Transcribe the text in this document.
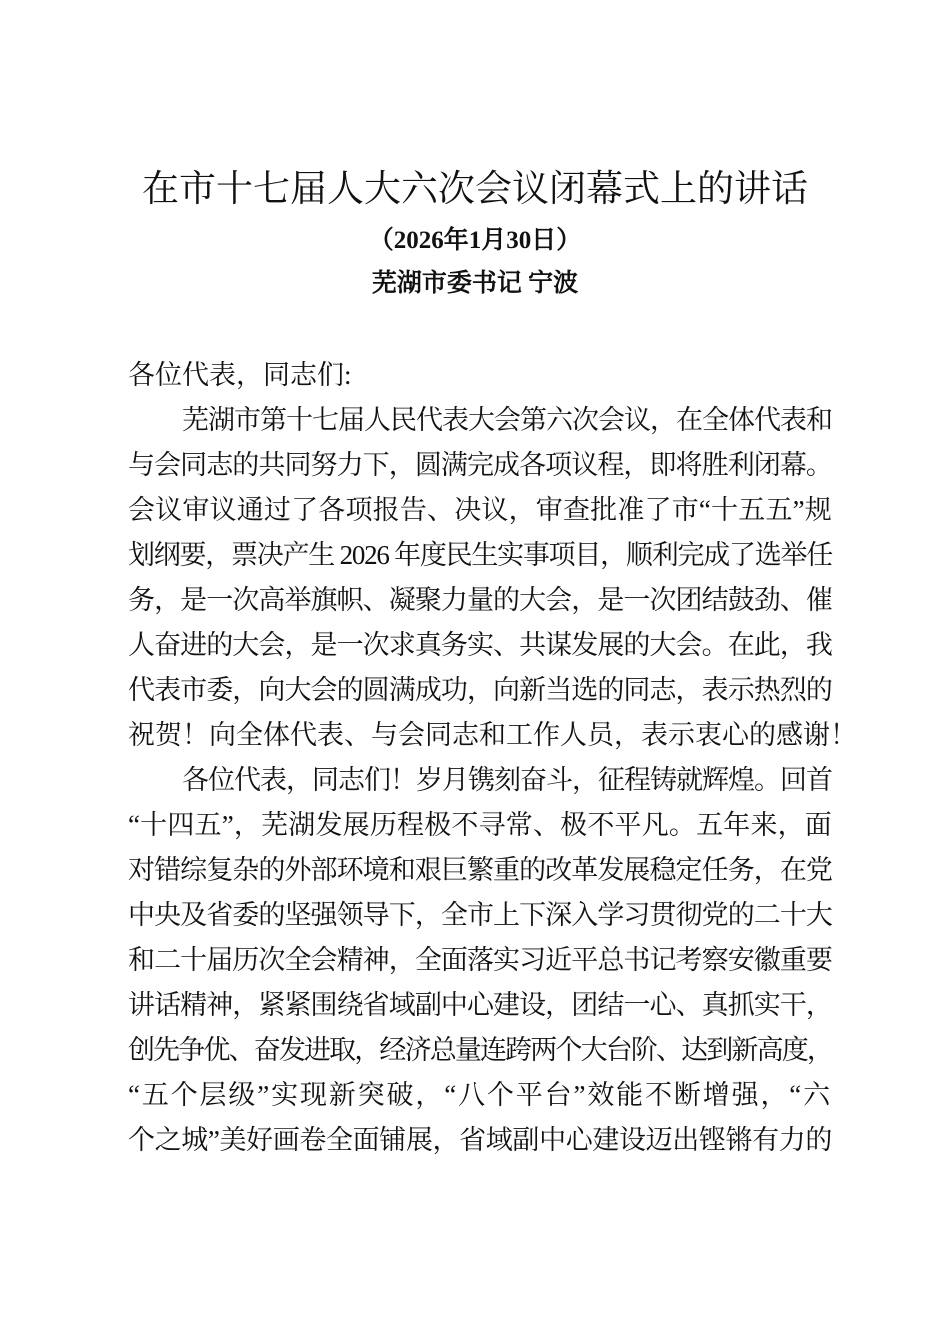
在市十七届人大六次会议闭幕式上的讲话
（2026年1月30日）
芜湖市委书记 宁波
各位代表，同志们:
芜湖市第十七届人民代表大会第六次会议，在全体代表和
与会同志的共同努力下，圆满完成各项议程，即将胜利闭幕。
会议审议通过了各项报告、决议，审查批准了市“十五五”规
划纲要，票决产生 2026 年度民生实事项目，顺利完成了选举任
务，是一次高举旗帜、凝聚力量的大会，是一次团结鼓劲、催
人奋进的大会，是一次求真务实、共谋发展的大会。在此，我
代表市委，向大会的圆满成功，向新当选的同志，表示热烈的
祝贺！向全体代表、与会同志和工作人员，表示衷心的感谢！
各位代表，同志们！岁月镌刻奋斗，征程铸就辉煌。回首
“十四五”，芜湖发展历程极不寻常、极不平凡。五年来，面
对错综复杂的外部环境和艰巨繁重的改革发展稳定任务，在党
中央及省委的坚强领导下，全市上下深入学习贯彻党的二十大
和二十届历次全会精神，全面落实习近平总书记考察安徽重要
讲话精神，紧紧围绕省域副中心建设，团结一心、真抓实干，
创先争优、奋发进取，经济总量连跨两个大台阶、达到新高度，
“五个层级”实现新突破，“八个平台”效能不断增强，“六
个之城”美好画卷全面铺展，省域副中心建设迈出铿锵有力的
